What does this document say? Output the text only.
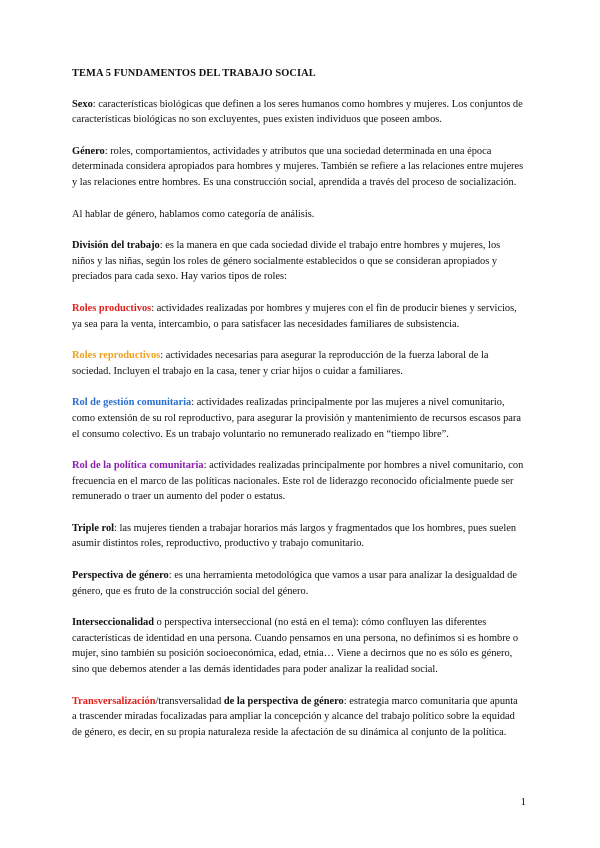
TEMA 5 FUNDAMENTOS DEL TRABAJO SOCIAL

Sexo: características biológicas que definen a los seres humanos como hombres y mujeres. Los conjuntos de características biológicas no son excluyentes, pues existen individuos que poseen ambos.

Género: roles, comportamientos, actividades y atributos que una sociedad determinada en una época determinada considera apropiados para hombres y mujeres. También se refiere a las relaciones entre mujeres y las relaciones entre hombres. Es una construcción social, aprendida a través del proceso de socialización.

Al hablar de género, hablamos como categoría de análisis.

División del trabajo: es la manera en que cada sociedad divide el trabajo entre hombres y mujeres, los niños y las niñas, según los roles de género socialmente establecidos o que se consideran apropiados y preciados para cada sexo. Hay varios tipos de roles:

Roles productivos: actividades realizadas por hombres y mujeres con el fin de producir bienes y servicios, ya sea para la venta, intercambio, o para satisfacer las necesidades familiares de subsistencia.

Roles reproductivos: actividades necesarias para asegurar la reproducción de la fuerza laboral de la sociedad. Incluyen el trabajo en la casa, tener y criar hijos o cuidar a familiares.

Rol de gestión comunitaria: actividades realizadas principalmente por las mujeres a nivel comunitario, como extensión de su rol reproductivo, para asegurar la provisión y mantenimiento de recursos escasos para el consumo colectivo. Es un trabajo voluntario no remunerado realizado en “tiempo libre”.

Rol de la política comunitaria: actividades realizadas principalmente por hombres a nivel comunitario, con frecuencia en el marco de las políticas nacionales. Este rol de liderazgo reconocido oficialmente puede ser remunerado o traer un aumento del poder o estatus.

Triple rol: las mujeres tienden a trabajar horarios más largos y fragmentados que los hombres, pues suelen asumir distintos roles, reproductivo, productivo y trabajo comunitario.

Perspectiva de género: es una herramienta metodológica que vamos a usar para analizar la desigualdad de género, que es fruto de la construcción social del género.

Interseccionalidad o perspectiva interseccional (no está en el tema): cómo confluyen las diferentes características de identidad en una persona. Cuando pensamos en una persona, no definimos si es hombre o mujer, sino también su posición socioeconómica, edad, etnia… Viene a decirnos que no es sólo es género, sino que debemos atender a las demás identidades para poder analizar la realidad social.

Transversalización/transversalidad de la perspectiva de género: estrategia marco comunitaria que apunta a trascender miradas focalizadas para ampliar la concepción y alcance del trabajo político sobre la equidad de género, es decir, en su propia naturaleza reside la afectación de su dinámica al conjunto de la política.

1
